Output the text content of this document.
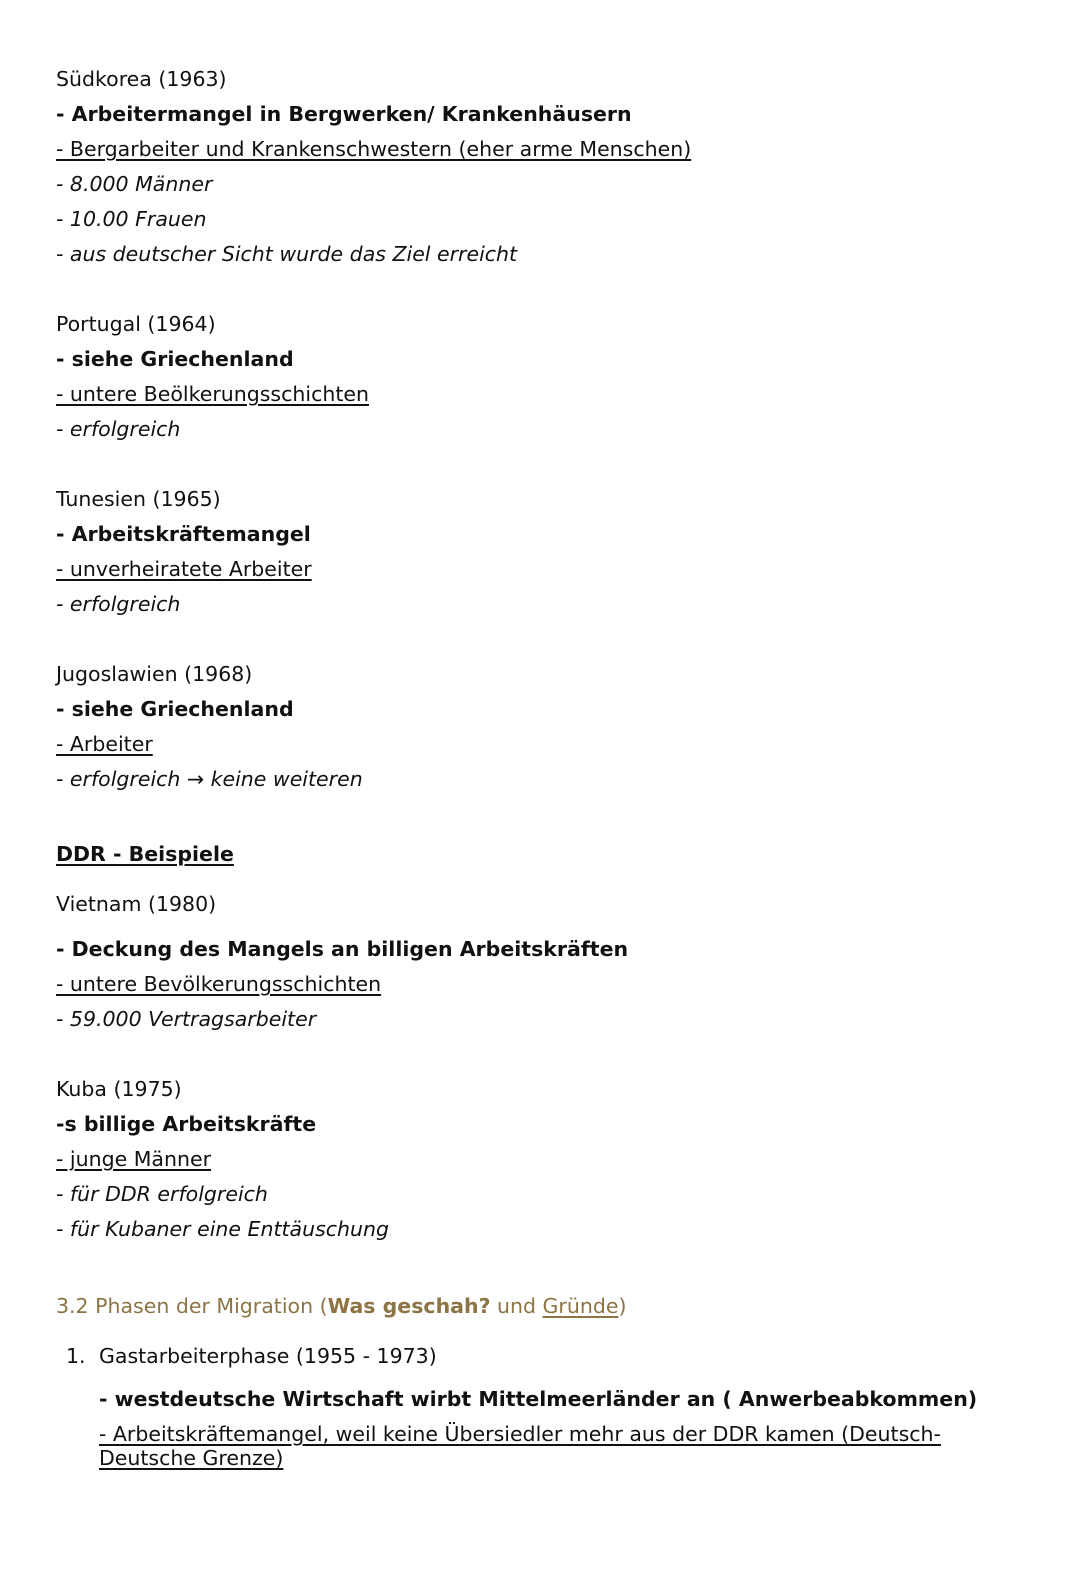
Südkorea (1963)
- Arbeitermangel in Bergwerken/ Krankenhäusern
- Bergarbeiter und Krankenschwestern (eher arme Menschen)
- 8.000 Männer
- 10.00 Frauen
- aus deutscher Sicht wurde das Ziel erreicht
Portugal (1964)
- siehe Griechenland
- untere Beölkerungsschichten
- erfolgreich
Tunesien (1965)
- Arbeitskräftemangel
- unverheiratete Arbeiter
- erfolgreich
Jugoslawien (1968)
- siehe Griechenland
- Arbeiter
- erfolgreich → keine weiteren
DDR - Beispiele
Vietnam (1980)
- Deckung des Mangels an billigen Arbeitskräften
- untere Bevölkerungsschichten
- 59.000 Vertragsarbeiter
Kuba (1975)
-s billige Arbeitskräfte
- junge Männer
- für DDR erfolgreich
- für Kubaner eine Enttäuschung
3.2 Phasen der Migration (Was geschah? und Gründe)
1. Gastarbeiterphase (1955 - 1973)
- westdeutsche Wirtschaft wirbt Mittelmeerländer an ( Anwerbeabkommen)
- Arbeitskräftemangel, weil keine Übersiedler mehr aus der DDR kamen (Deutsch-Deutsche Grenze)
